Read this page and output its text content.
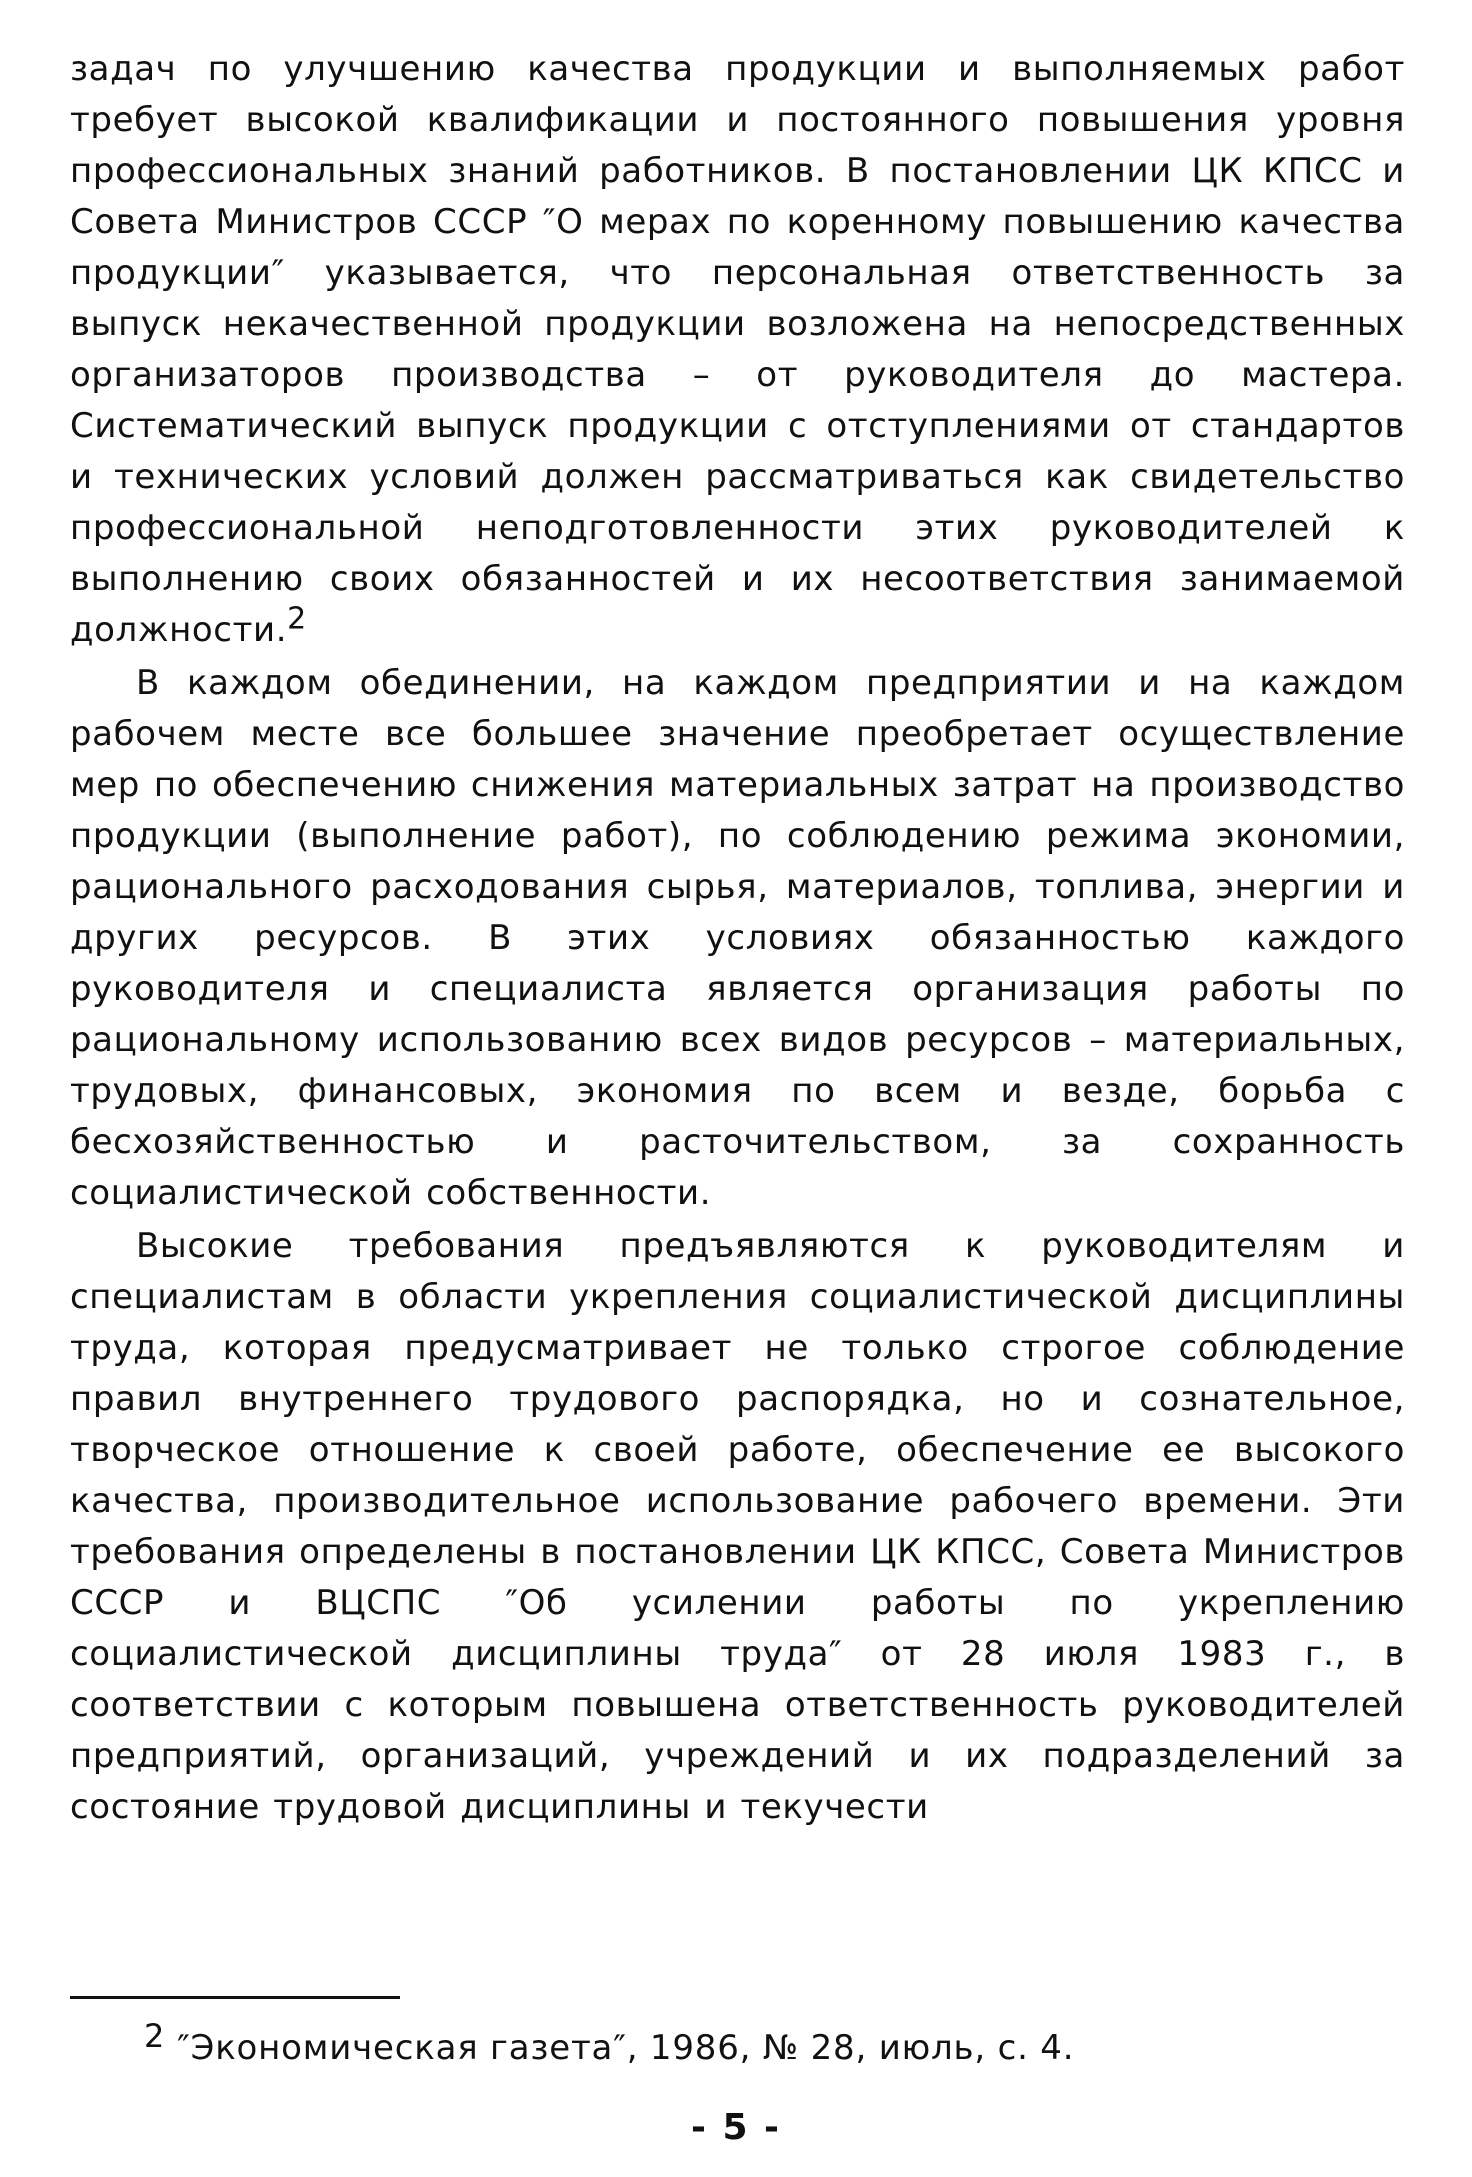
задач по улучшению качества продукции и выполняемых работ требует высокой квалификации и постоянного повышения уровня профессиональных знаний работников. В постановлении ЦК КПСС и Совета Министров СССР ″О мерах по коренному повышению качества продукции″ указывается, что персональная ответственность за выпуск некачественной продукции возложена на непосредственных организаторов производства – от руководителя до мастера. Систематический выпуск продукции с отступлениями от стандартов и технических условий должен рассматриваться как свидетельство профессиональной неподготовленности этих руководителей к выполнению своих обязанностей и их несоответствия занимаемой должности.2

В каждом обединении, на каждом предприятии и на каждом рабочем месте все большее значение преобретает осуществление мер по обеспечению снижения материальных затрат на производство продукции (выполнение работ), по соблюдению режима экономии, рационального расходования сырья, материалов, топлива, энергии и других ресурсов. В этих условиях обязанностью каждого руководителя и специалиста является организация работы по рациональному использованию всех видов ресурсов – материальных, трудовых, финансовых, экономия по всем и везде, борьба с бесхозяйственностью и расточительством, за сохранность социалистической собственности.

Высокие требования предъявляются к руководителям и специалистам в области укрепления социалистической дисциплины труда, которая предусматривает не только строгое соблюдение правил внутреннего трудового распорядка, но и сознательное, творческое отношение к своей работе, обеспечение ее высокого качества, производительное использование рабочего времени. Эти требования определены в постановлении ЦК КПСС, Совета Министров СССР и ВЦСПС ″Об усилении работы по укреплению социалистической дисциплины труда″ от 28 июля 1983 г., в соответствии с которым повышена ответственность руководителей предприятий, организаций, учреждений и их подразделений за состояние трудовой дисциплины и текучести

2 ″Экономическая газета″, 1986, № 28, июль, с. 4.
- 5 -
